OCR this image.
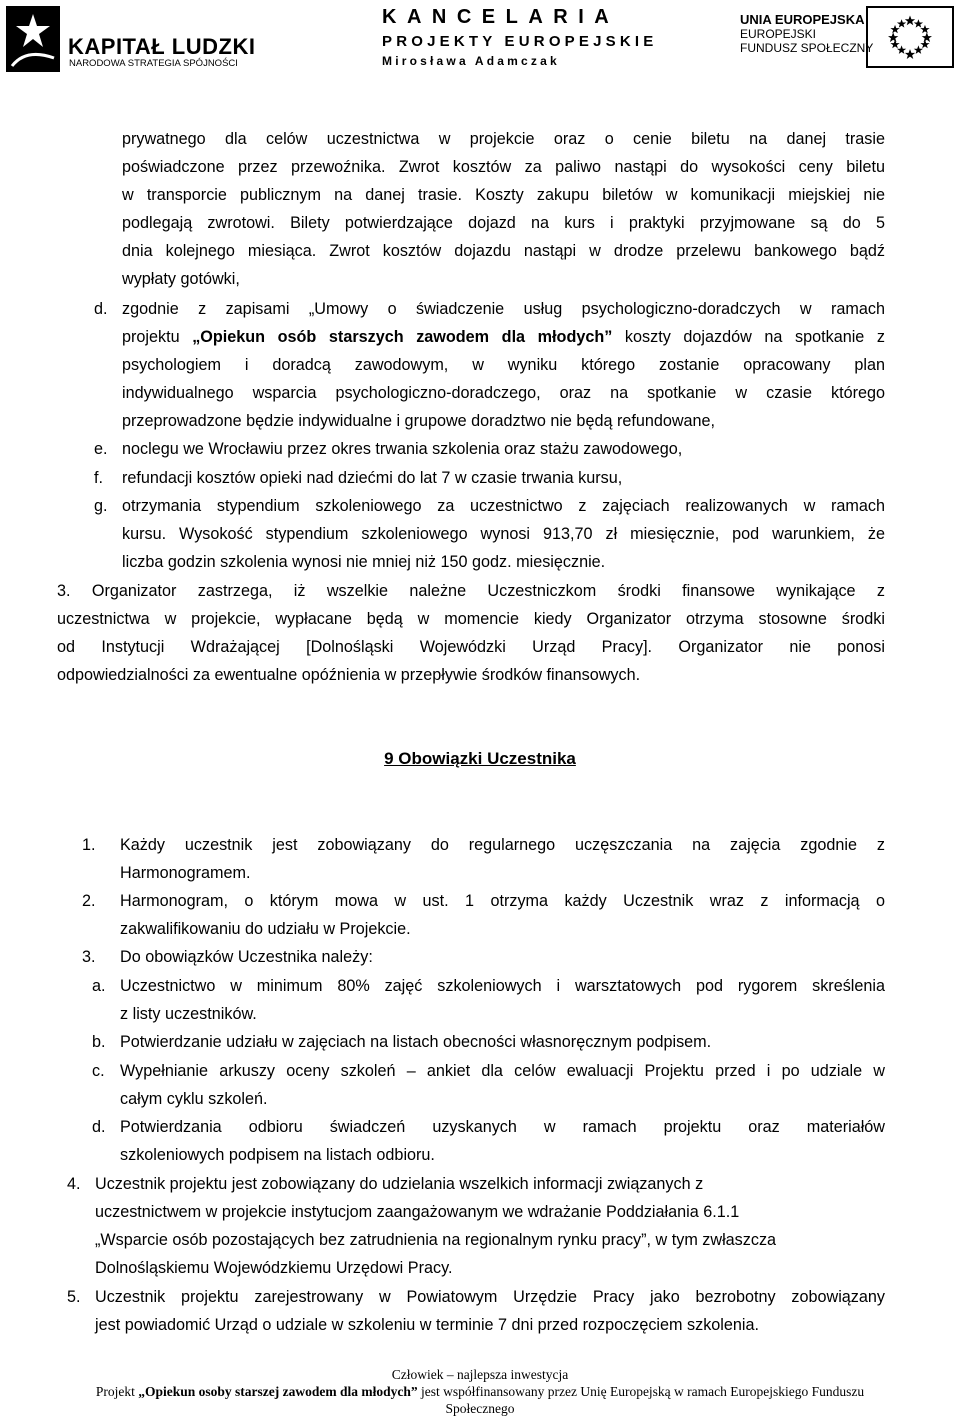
KAPITAŁ LUDZKI
NARODOWA STRATEGIA SPÓJNOŚCI
KANCELARIA
PROJEKTY EUROPEJSKIE
Mirosława Adamczak
UNIA EUROPEJSKA
EUROPEJSKI
FUNDUSZ SPOŁECZNY
prywatnego dla celów uczestnictwa w projekcie oraz o cenie biletu na danej trasie
poświadczone przez przewoźnika. Zwrot kosztów za paliwo nastąpi do wysokości ceny biletu
w transporcie publicznym na danej trasie. Koszty zakupu biletów w komunikacji miejskiej nie
podlegają zwrotowi. Bilety potwierdzające dojazd na kurs i praktyki przyjmowane są do 5
dnia kolejnego miesiąca. Zwrot kosztów dojazdu nastąpi w drodze przelewu bankowego bądź
wypłaty gotówki,
d. zgodnie z zapisami „Umowy o świadczenie usług psychologiczno-doradczych w ramach
projektu „Opiekun osób starszych zawodem dla młodych” koszty dojazdów na spotkanie z
psychologiem i doradcą zawodowym, w wyniku którego zostanie opracowany plan
indywidualnego wsparcia psychologiczno-doradczego, oraz na spotkanie w czasie którego
przeprowadzone będzie indywidualne i grupowe doradztwo nie będą refundowane,
e. noclegu we Wrocławiu przez okres trwania szkolenia oraz stażu zawodowego,
f. refundacji kosztów opieki nad dziećmi do lat 7 w czasie trwania kursu,
g. otrzymania stypendium szkoleniowego za uczestnictwo z zajęciach realizowanych w ramach
kursu. Wysokość stypendium szkoleniowego wynosi 913,70 zł miesięcznie, pod warunkiem, że
liczba godzin szkolenia wynosi nie mniej niż 150 godz. miesięcznie.
3. Organizator zastrzega, iż wszelkie należne Uczestniczkom środki finansowe wynikające z
uczestnictwa w projekcie, wypłacane będą w momencie kiedy Organizator otrzyma stosowne środki
od Instytucji Wdrażającej [Dolnośląski Wojewódzki Urząd Pracy]. Organizator nie ponosi
odpowiedzialności za ewentualne opóźnienia w przepływie środków finansowych.
9 Obowiązki Uczestnika
1. Każdy uczestnik jest zobowiązany do regularnego uczęszczania na zajęcia zgodnie z
Harmonogramem.
2. Harmonogram, o którym mowa w ust. 1 otrzyma każdy Uczestnik wraz z informacją o
zakwalifikowaniu do udziału w Projekcie.
3. Do obowiązków Uczestnika należy:
a. Uczestnictwo w minimum 80% zajęć szkoleniowych i warsztatowych pod rygorem skreślenia
z listy uczestników.
b. Potwierdzanie udziału w zajęciach na listach obecności własnoręcznym podpisem.
c. Wypełnianie arkuszy oceny szkoleń – ankiet dla celów ewaluacji Projektu przed i po udziale w
całym cyklu szkoleń.
d. Potwierdzania odbioru świadczeń uzyskanych w ramach projektu oraz materiałów
szkoleniowych podpisem na listach odbioru.
4. Uczestnik projektu jest zobowiązany do udzielania wszelkich informacji związanych z
uczestnictwem w projekcie instytucjom zaangażowanym we wdrażanie Poddziałania 6.1.1
„Wsparcie osób pozostających bez zatrudnienia na regionalnym rynku pracy”, w tym zwłaszcza
Dolnośląskiemu Wojewódzkiemu Urzędowi Pracy.
5. Uczestnik projektu zarejestrowany w Powiatowym Urzędzie Pracy jako bezrobotny zobowiązany
jest powiadomić Urząd o udziale w szkoleniu w terminie 7 dni przed rozpoczęciem szkolenia.
Człowiek – najlepsza inwestycja
Projekt „Opiekun osoby starszej zawodem dla młodych” jest współfinansowany przez Unię Europejską w ramach Europejskiego Funduszu
Społecznego
